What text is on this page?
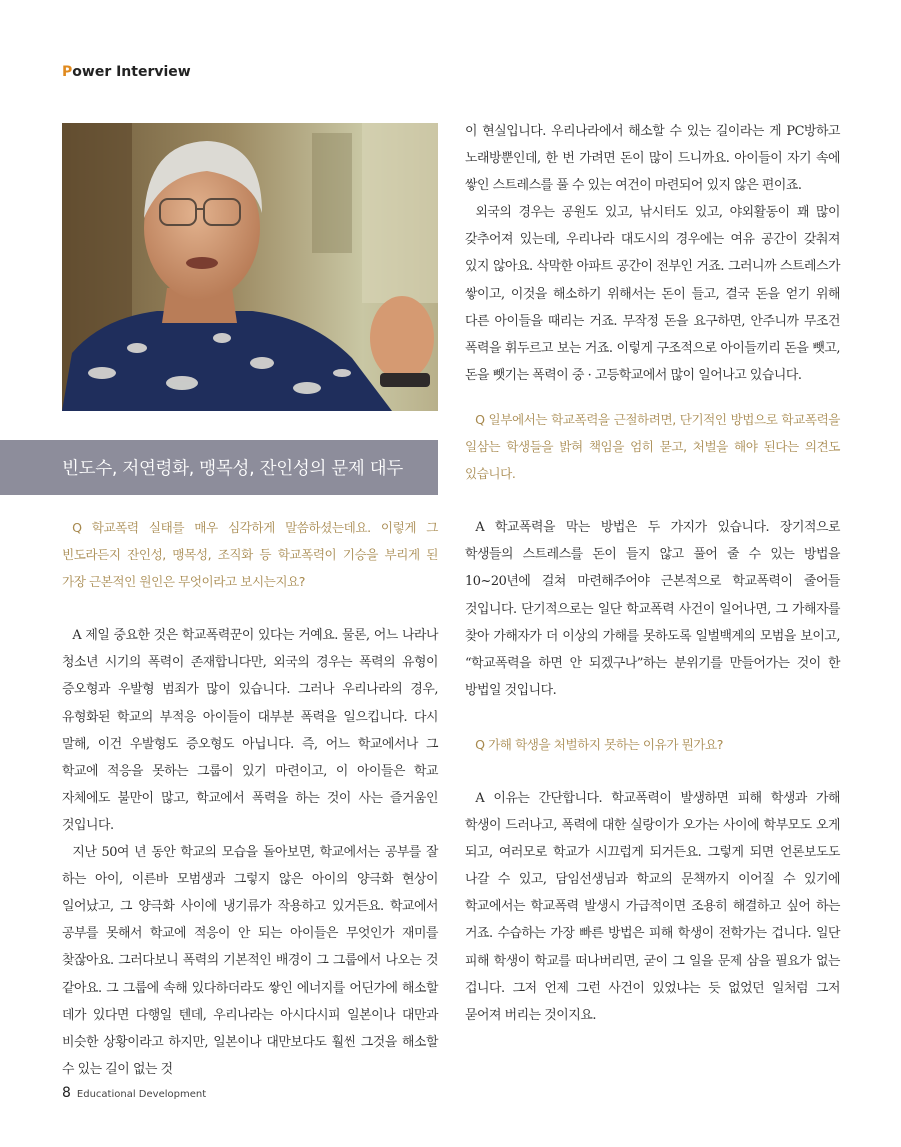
Power Interview
빈도수, 저연령화, 맹목성, 잔인성의 문제 대두

Q 학교폭력 실태를 매우 심각하게 말씀하셨는데요. 이렇게 그 빈도라든지 잔인성, 맹목성, 조직화 등 학교폭력이 기승을 부리게 된 가장 근본적인 원인은 무엇이라고 보시는지요?

A 제일 중요한 것은 학교폭력꾼이 있다는 거예요. 물론, 어느 나라나 청소년 시기의 폭력이 존재합니다만, 외국의 경우는 폭력의 유형이 증오형과 우발형 범죄가 많이 있습니다. 그러나 우리나라의 경우, 유형화된 학교의 부적응 아이들이 대부분 폭력을 일으킵니다. 다시 말해, 이건 우발형도 증오형도 아닙니다. 즉, 어느 학교에서나 그 학교에 적응을 못하는 그룹이 있기 마련이고, 이 아이들은 학교 자체에도 불만이 많고, 학교에서 폭력을 하는 것이 사는 즐거움인 것입니다.

지난 50여 년 동안 학교의 모습을 돌아보면, 학교에서는 공부를 잘 하는 아이, 이른바 모범생과 그렇지 않은 아이의 양극화 현상이 일어났고, 그 양극화 사이에 냉기류가 작용하고 있거든요. 학교에서 공부를 못해서 학교에 적응이 안 되는 아이들은 무엇인가 재미를 찾잖아요. 그러다보니 폭력의 기본적인 배경이 그 그룹에서 나오는 것 같아요. 그 그룹에 속해 있다하더라도 쌓인 에너지를 어딘가에 해소할 데가 있다면 다행일 텐데, 우리나라는 아시다시피 일본이나 대만과 비슷한 상황이라고 하지만, 일본이나 대만보다도 훨씬 그것을 해소할 수 있는 길이 없는 것

이 현실입니다. 우리나라에서 해소할 수 있는 길이라는 게 PC방하고 노래방뿐인데, 한 번 가려면 돈이 많이 드니까요. 아이들이 자기 속에 쌓인 스트레스를 풀 수 있는 여건이 마련되어 있지 않은 편이죠.

외국의 경우는 공원도 있고, 낚시터도 있고, 야외활동이 꽤 많이 갖추어져 있는데, 우리나라 대도시의 경우에는 여유 공간이 갖춰져 있지 않아요. 삭막한 아파트 공간이 전부인 거죠. 그러니까 스트레스가 쌓이고, 이것을 해소하기 위해서는 돈이 들고, 결국 돈을 얻기 위해 다른 아이들을 때리는 거죠. 무작정 돈을 요구하면, 안주니까 무조건 폭력을 휘두르고 보는 거죠. 이렇게 구조적으로 아이들끼리 돈을 뺏고, 돈을 뺏기는 폭력이 중 · 고등학교에서 많이 일어나고 있습니다.

Q 일부에서는 학교폭력을 근절하려면, 단기적인 방법으로 학교폭력을 일삼는 학생들을 밝혀 책임을 엄히 묻고, 처벌을 해야 된다는 의견도 있습니다.

A 학교폭력을 막는 방법은 두 가지가 있습니다. 장기적으로 학생들의 스트레스를 돈이 들지 않고 풀어 줄 수 있는 방법을 10~20년에 걸쳐 마련해주어야 근본적으로 학교폭력이 줄어들 것입니다. 단기적으로는 일단 학교폭력 사건이 일어나면, 그 가해자를 찾아 가해자가 더 이상의 가해를 못하도록 일벌백계의 모범을 보이고, “학교폭력을 하면 안 되겠구나”하는 분위기를 만들어가는 것이 한 방법일 것입니다.

Q 가해 학생을 처벌하지 못하는 이유가 뭔가요?

A 이유는 간단합니다. 학교폭력이 발생하면 피해 학생과 가해 학생이 드러나고, 폭력에 대한 실랑이가 오가는 사이에 학부모도 오게 되고, 여러모로 학교가 시끄럽게 되거든요. 그렇게 되면 언론보도도 나갈 수 있고, 담임선생님과 학교의 문책까지 이어질 수 있기에 학교에서는 학교폭력 발생시 가급적이면 조용히 해결하고 싶어 하는 거죠. 수습하는 가장 빠른 방법은 피해 학생이 전학가는 겁니다. 일단 피해 학생이 학교를 떠나버리면, 굳이 그 일을 문제 삼을 필요가 없는 겁니다. 그저 언제 그런 사건이 있었냐는 듯 없었던 일처럼 그저 묻어져 버리는 것이지요.

8 Educational Development
